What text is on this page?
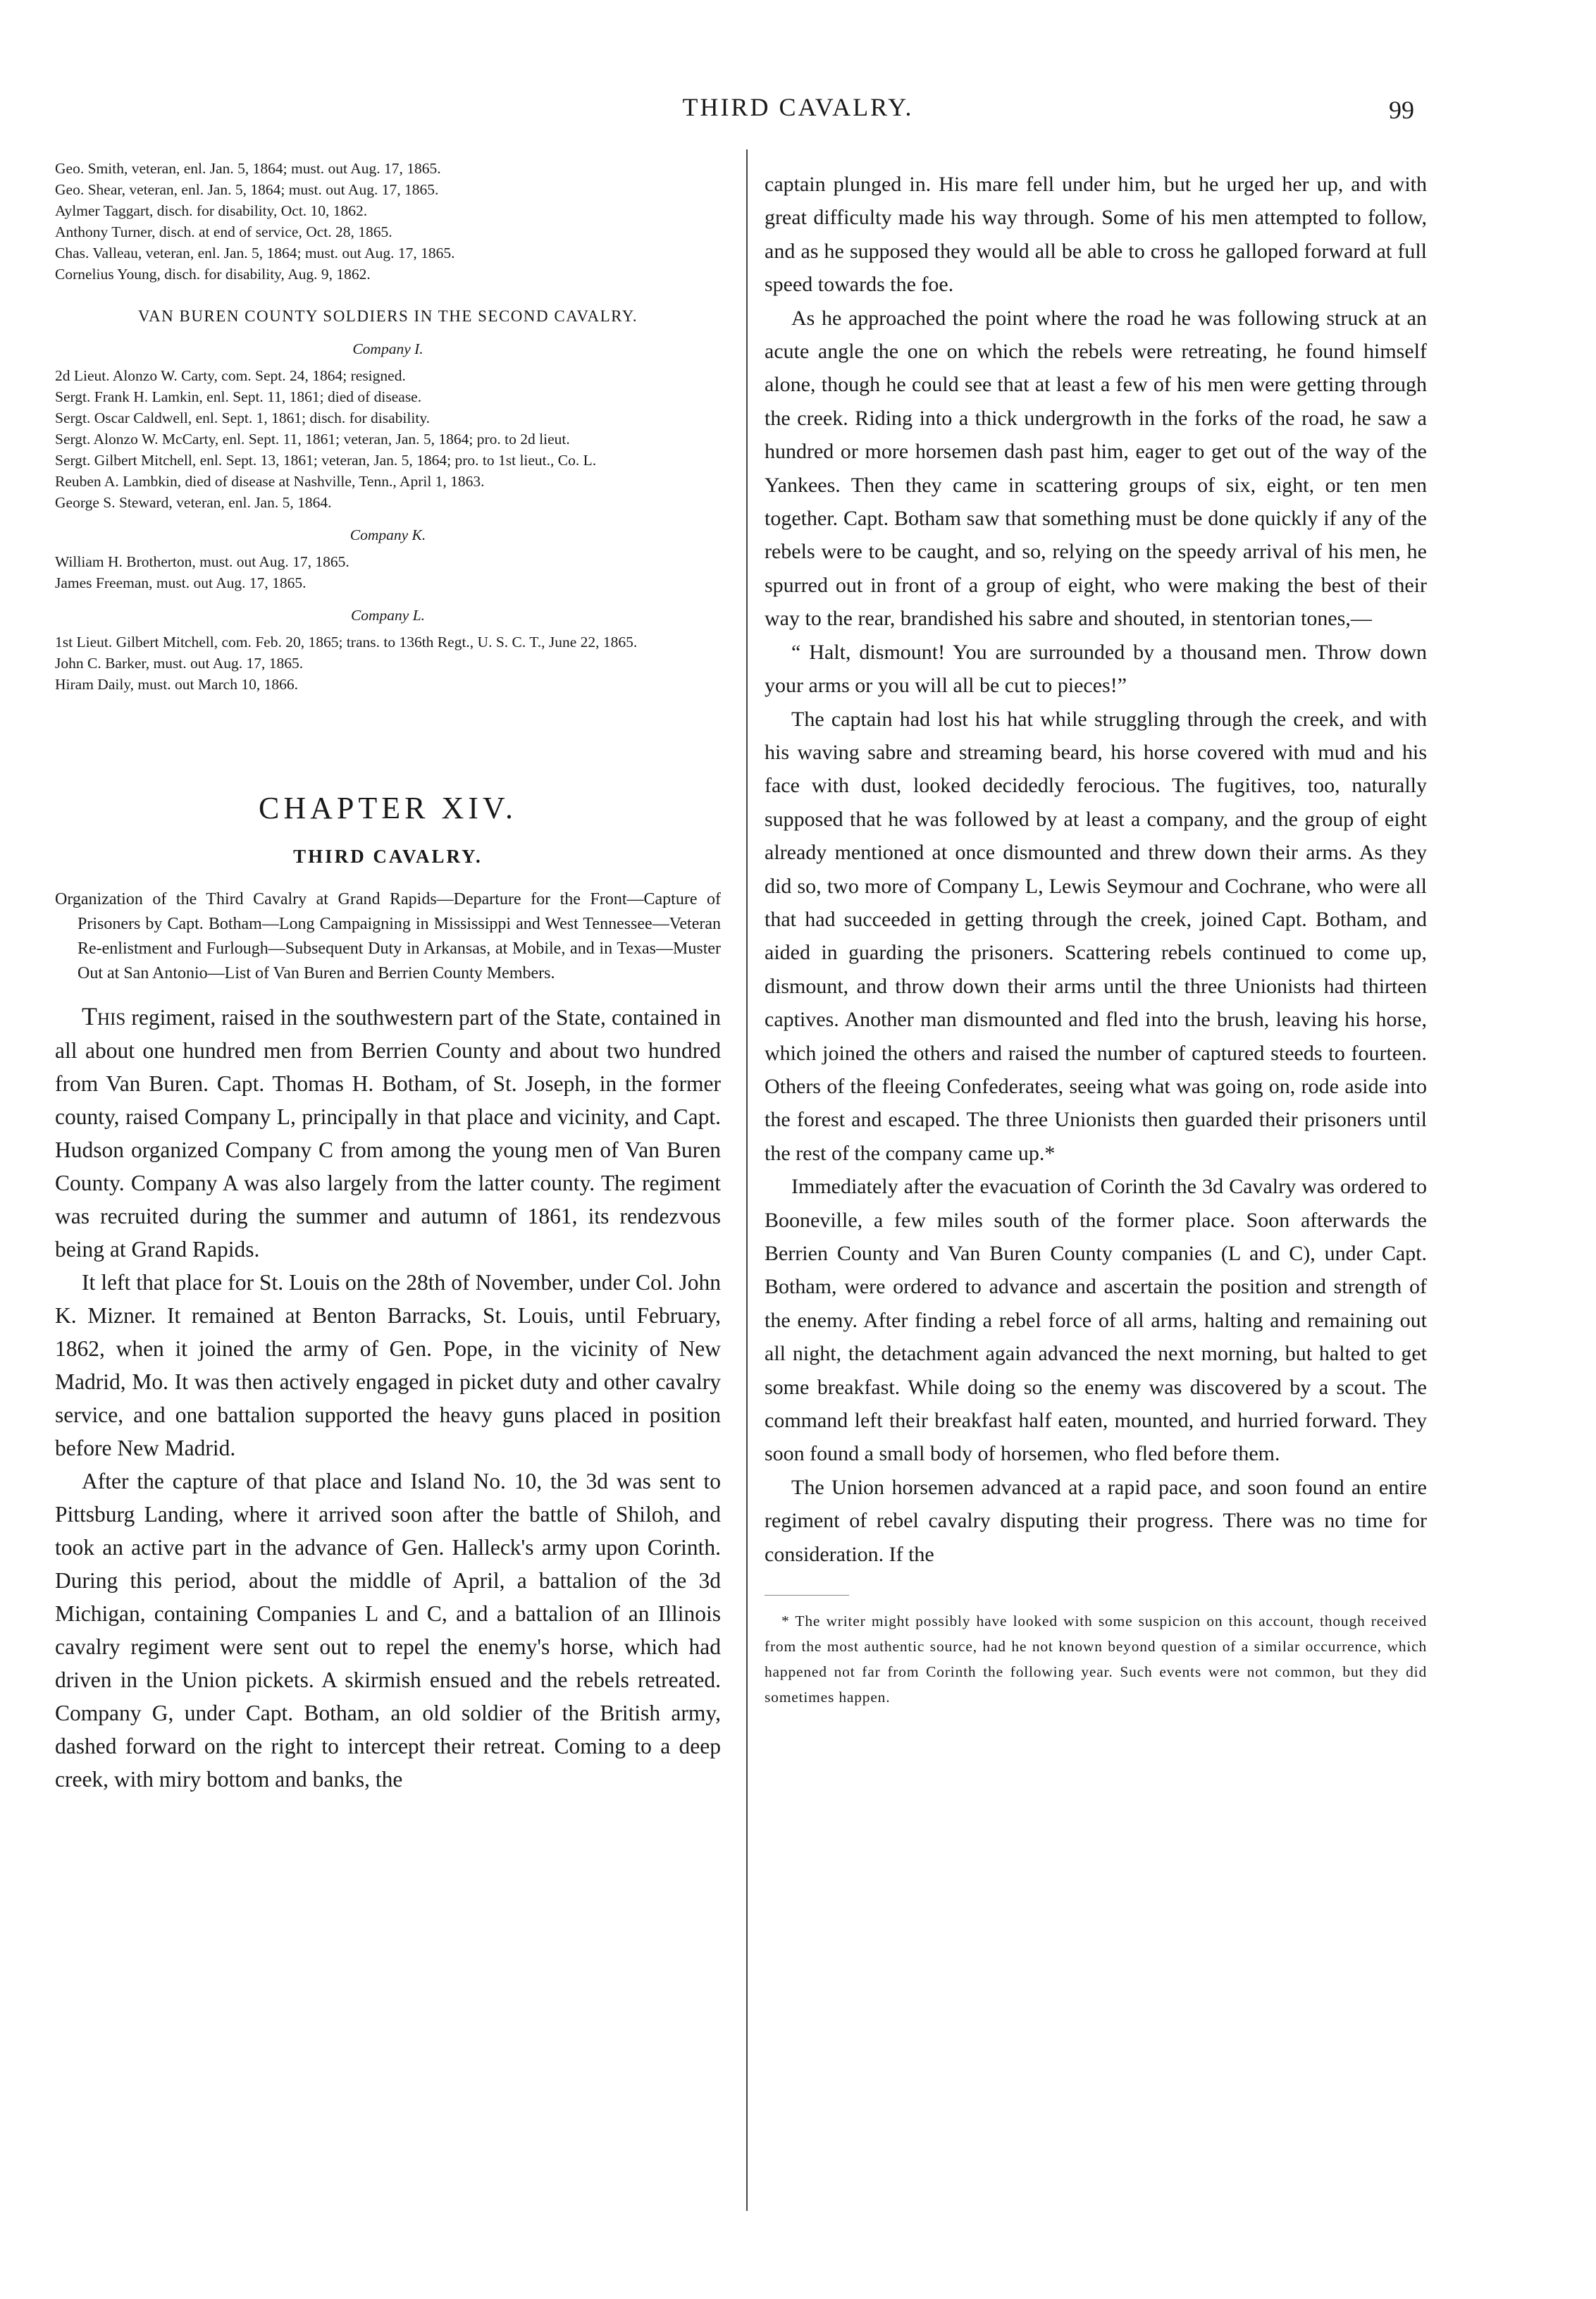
THIRD CAVALRY.	99
Geo. Smith, veteran, enl. Jan. 5, 1864; must. out Aug. 17, 1865.
Geo. Shear, veteran, enl. Jan. 5, 1864; must. out Aug. 17, 1865.
Aylmer Taggart, disch. for disability, Oct. 10, 1862.
Anthony Turner, disch. at end of service, Oct. 28, 1865.
Chas. Valleau, veteran, enl. Jan. 5, 1864; must. out Aug. 17, 1865.
Cornelius Young, disch. for disability, Aug. 9, 1862.
VAN BUREN COUNTY SOLDIERS IN THE SECOND CAVALRY.
Company I.
2d Lieut. Alonzo W. Carty, com. Sept. 24, 1864; resigned.
Sergt. Frank H. Lamkin, enl. Sept. 11, 1861; died of disease.
Sergt. Oscar Caldwell, enl. Sept. 1, 1861; disch. for disability.
Sergt. Alonzo W. McCarty, enl. Sept. 11, 1861; veteran, Jan. 5, 1864; pro. to 2d lieut.
Sergt. Gilbert Mitchell, enl. Sept. 13, 1861; veteran, Jan. 5, 1864; pro. to 1st lieut., Co. L.
Reuben A. Lambkin, died of disease at Nashville, Tenn., April 1, 1863.
George S. Steward, veteran, enl. Jan. 5, 1864.
Company K.
William H. Brotherton, must. out Aug. 17, 1865.
James Freeman, must. out Aug. 17, 1865.
Company L.
1st Lieut. Gilbert Mitchell, com. Feb. 20, 1865; trans. to 136th Regt., U. S. C. T., June 22, 1865.
John C. Barker, must. out Aug. 17, 1865.
Hiram Daily, must. out March 10, 1866.
CHAPTER XIV.
THIRD CAVALRY.
Organization of the Third Cavalry at Grand Rapids—Departure for the Front—Capture of Prisoners by Capt. Botham—Long Campaigning in Mississippi and West Tennessee—Veteran Re-enlistment and Furlough—Subsequent Duty in Arkansas, at Mobile, and in Texas—Muster Out at San Antonio—List of Van Buren and Berrien County Members.

This regiment, raised in the southwestern part of the State, contained in all about one hundred men from Berrien County and about two hundred from Van Buren. Capt. Thomas H. Botham, of St. Joseph, in the former county, raised Company L, principally in that place and vicinity, and Capt. Hudson organized Company C from among the young men of Van Buren County. Company A was also largely from the latter county. The regiment was recruited during the summer and autumn of 1861, its rendezvous being at Grand Rapids.

It left that place for St. Louis on the 28th of November, under Col. John K. Mizner. It remained at Benton Barracks, St. Louis, until February, 1862, when it joined the army of Gen. Pope, in the vicinity of New Madrid, Mo. It was then actively engaged in picket duty and other cavalry service, and one battalion supported the heavy guns placed in position before New Madrid.

After the capture of that place and Island No. 10, the 3d was sent to Pittsburg Landing, where it arrived soon after the battle of Shiloh, and took an active part in the advance of Gen. Halleck's army upon Corinth. During this period, about the middle of April, a battalion of the 3d Michigan, containing Companies L and C, and a battalion of an Illinois cavalry regiment were sent out to repel the enemy's horse, which had driven in the Union pickets. A skirmish ensued and the rebels retreated. Company G, under Capt. Botham, an old soldier of the British army, dashed forward on the right to intercept their retreat. Coming to a deep creek, with miry bottom and banks, the

captain plunged in. His mare fell under him, but he urged her up, and with great difficulty made his way through. Some of his men attempted to follow, and as he supposed they would all be able to cross he galloped forward at full speed towards the foe.

As he approached the point where the road he was following struck at an acute angle the one on which the rebels were retreating, he found himself alone, though he could see that at least a few of his men were getting through the creek. Riding into a thick undergrowth in the forks of the road, he saw a hundred or more horsemen dash past him, eager to get out of the way of the Yankees. Then they came in scattering groups of six, eight, or ten men together. Capt. Botham saw that something must be done quickly if any of the rebels were to be caught, and so, relying on the speedy arrival of his men, he spurred out in front of a group of eight, who were making the best of their way to the rear, brandished his sabre and shouted, in stentorian tones,—

“ Halt, dismount! You are surrounded by a thousand men. Throw down your arms or you will all be cut to pieces!”

The captain had lost his hat while struggling through the creek, and with his waving sabre and streaming beard, his horse covered with mud and his face with dust, looked decidedly ferocious. The fugitives, too, naturally supposed that he was followed by at least a company, and the group of eight already mentioned at once dismounted and threw down their arms. As they did so, two more of Company L, Lewis Seymour and Cochrane, who were all that had succeeded in getting through the creek, joined Capt. Botham, and aided in guarding the prisoners. Scattering rebels continued to come up, dismount, and throw down their arms until the three Unionists had thirteen captives. Another man dismounted and fled into the brush, leaving his horse, which joined the others and raised the number of captured steeds to fourteen. Others of the fleeing Confederates, seeing what was going on, rode aside into the forest and escaped. The three Unionists then guarded their prisoners until the rest of the company came up.*

Immediately after the evacuation of Corinth the 3d Cavalry was ordered to Booneville, a few miles south of the former place. Soon afterwards the Berrien County and Van Buren County companies (L and C), under Capt. Botham, were ordered to advance and ascertain the position and strength of the enemy. After finding a rebel force of all arms, halting and remaining out all night, the detachment again advanced the next morning, but halted to get some breakfast. While doing so the enemy was discovered by a scout. The command left their breakfast half eaten, mounted, and hurried forward. They soon found a small body of horsemen, who fled before them.

The Union horsemen advanced at a rapid pace, and soon found an entire regiment of rebel cavalry disputing their progress. There was no time for consideration. If the

* The writer might possibly have looked with some suspicion on this account, though received from the most authentic source, had he not known beyond question of a similar occurrence, which happened not far from Corinth the following year. Such events were not common, but they did sometimes happen.
